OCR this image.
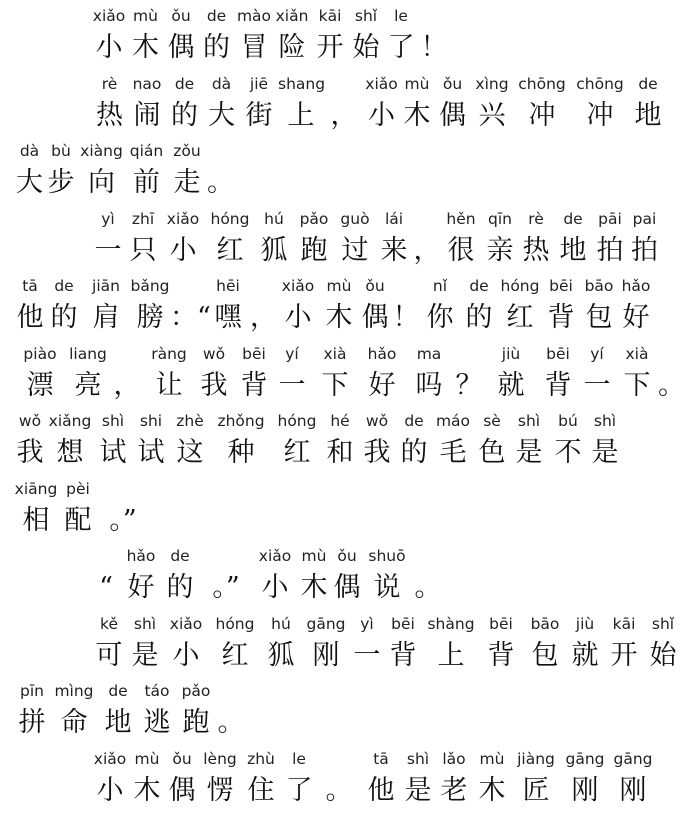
xiǎo
小
mù
木
ǒu
偶
de
的
mào
冒
xiǎn
险
kāi
开
shǐ
始
le
了 ！
rè
热
nao
闹
de
的
dà
大
jiē
街
shang
上 ，
xiǎo
小
mù
木
ǒu
偶
xìng
兴
chōng
冲
chōng
冲
de
地
dà
大
bù
步
xiàng
向
qián
前
zǒu
走 。
yì
一
zhī
只
xiǎo
小
hóng
红
hú
狐
pǎo
跑
guò
过
lái
来 ，
hěn
很
qīn
亲
rè
热
de
地
pāi
拍
pai
拍
tā
他
de
的
jiān
肩
bǎng
膀 ：“
hēi
嘿 ，
xiǎo
小
mù
木
ǒu
偶 ！
nǐ
你
de
的
hóng
红
bēi
背
bāo
包
hǎo
好
piào
漂
liang
亮 ，
ràng
让
wǒ
我
bēi
背
yí
一
xià
下
hǎo
好
ma
吗 ？
jiù
就
bēi
背
yí
一
xià
下 。
wǒ
我
xiǎng
想
shì
试
shi
试
zhè
这
zhǒng
种
hóng
红
hé
和
wǒ
我
de
的
máo
毛
sè
色
shì
是
bú
不
shì
是
xiāng
相
pèi
配 。”
“
hǎo
好
de
的 。”
xiǎo
小
mù
木
ǒu
偶
shuō
说 。
kě
可
shì
是
xiǎo
小
hóng
红
hú
狐
gāng
刚
yì
一
bēi
背
shàng
上
bēi
背
bāo
包
jiù
就
kāi
开
shǐ
始
pīn
拼
mìng
命
de
地
táo
逃
pǎo
跑 。
xiǎo
小
mù
木
ǒu
偶
lèng
愣
zhù
住
le
了 。
tā
他
shì
是
lǎo
老
mù
木
jiàng
匠
gāng
刚
gāng
刚
